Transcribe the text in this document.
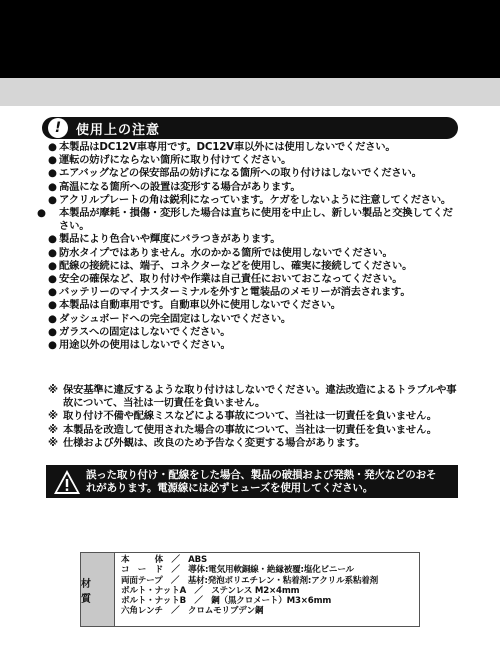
!	使用上の注意
● 本製品はDC12V車専用です。DC12V車以外には使用しないでください。
● 運転の妨げにならない箇所に取り付けてください。
● エアバッグなどの保安部品の妨げになる箇所への取り付けはしないでください。
● 高温になる箇所への設置は変形する場合があります。
● アクリルプレートの角は鋭利になっています。ケガをしないように注意してください。
● 本製品が摩耗・損傷・変形した場合は直ちに使用を中止し、新しい製品と交換してください。
● 製品により色合いや輝度にバラつきがあります。
● 防水タイプではありません。水のかかる箇所では使用しないでください。
● 配線の接続には、端子、コネクターなどを使用し、確実に接続してください。
● 安全の確保など、取り付けや作業は自己責任においておこなってください。
● バッテリーのマイナスターミナルを外すと電装品のメモリーが消去されます。
● 本製品は自動車用です。自動車以外に使用しないでください。
● ダッシュボードへの完全固定はしないでください。
● ガラスへの固定はしないでください。
● 用途以外の使用はしないでください。
※ 保安基準に違反するような取り付けはしないでください。違法改造によるトラブルや事故について、当社は一切責任を負いません。
※ 取り付け不備や配線ミスなどによる事故について、当社は一切責任を負いません。
※ 本製品を改造して使用された場合の事故について、当社は一切責任を負いません。
※ 仕様および外観は、改良のため予告なく変更する場合があります。
誤った取り付け・配線をした場合、製品の破損および発熱・発火などのおそ
れがあります。電源線には必ずヒューズを使用してください。
材 質
本　　　体　／　ABS
コ　ー　ド　／　導体:電気用軟銅線・絶縁被覆:塩化ビニール
両面テープ　／　基材:発泡ポリエチレン・粘着剤:アクリル系粘着剤
ボルト・ナットA　／　ステンレス M2×4mm
ボルト・ナットB　／　鋼（黒クロメート）M3×6mm
六角レンチ　／　クロムモリブデン鋼
